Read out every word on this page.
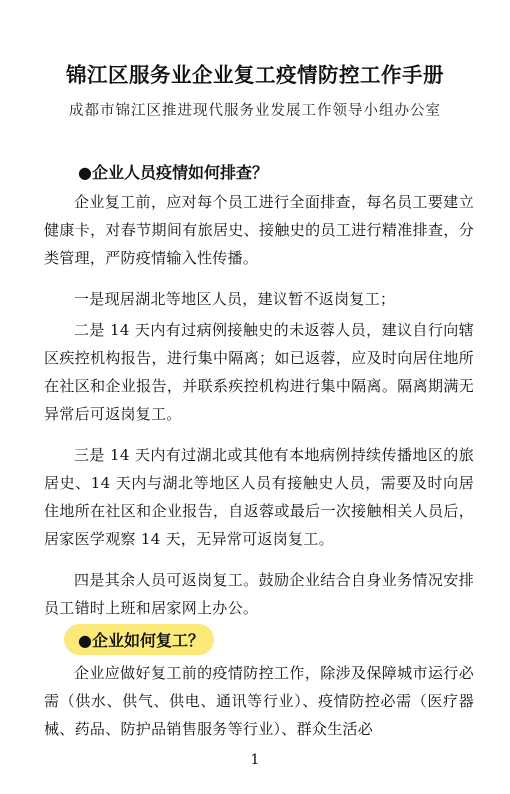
锦江区服务业企业复工疫情防控工作手册
成都市锦江区推进现代服务业发展工作领导小组办公室
●企业人员疫情如何排查？

企业复工前，应对每个员工进行全面排查，每名员工要建立健康卡，对春节期间有旅居史、接触史的员工进行精准排查，分类管理，严防疫情输入性传播。

一是现居湖北等地区人员，建议暂不返岗复工；

二是 14 天内有过病例接触史的未返蓉人员，建议自行向辖区疾控机构报告，进行集中隔离；如已返蓉，应及时向居住地所在社区和企业报告，并联系疾控机构进行集中隔离。隔离期满无异常后可返岗复工。

三是 14 天内有过湖北或其他有本地病例持续传播地区的旅居史、14 天内与湖北等地区人员有接触史人员，需要及时向居住地所在社区和企业报告，自返蓉或最后一次接触相关人员后，居家医学观察 14 天，无异常可返岗复工。

四是其余人员可返岗复工。鼓励企业结合自身业务情况安排员工错时上班和居家网上办公。

●企业如何复工？

企业应做好复工前的疫情防控工作，除涉及保障城市运行必需（供水、供气、供电、通讯等行业）、疫情防控必需（医疗器械、药品、防护品销售服务等行业）、群众生活必

1
